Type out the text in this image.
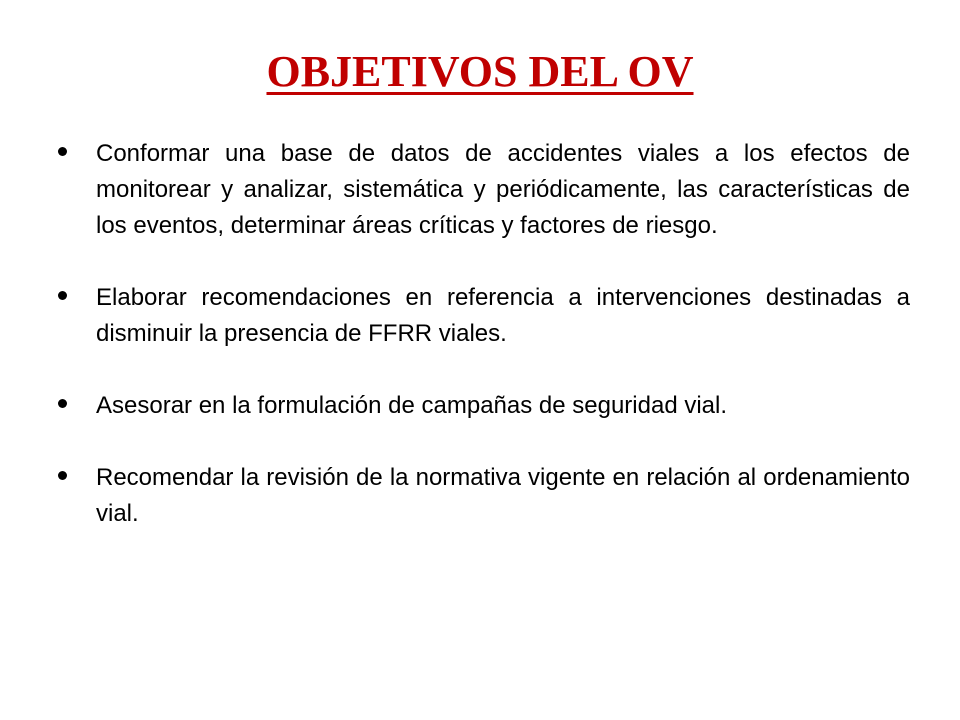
OBJETIVOS DEL OV
Conformar una base de datos de accidentes viales a los efectos de monitorear y analizar, sistemática y periódicamente, las características de los eventos, determinar áreas críticas y factores de riesgo.
Elaborar recomendaciones en referencia a intervenciones destinadas a disminuir la presencia de FFRR viales.
Asesorar en la formulación de campañas de seguridad vial.
Recomendar la revisión de la normativa vigente en relación al ordenamiento vial.
